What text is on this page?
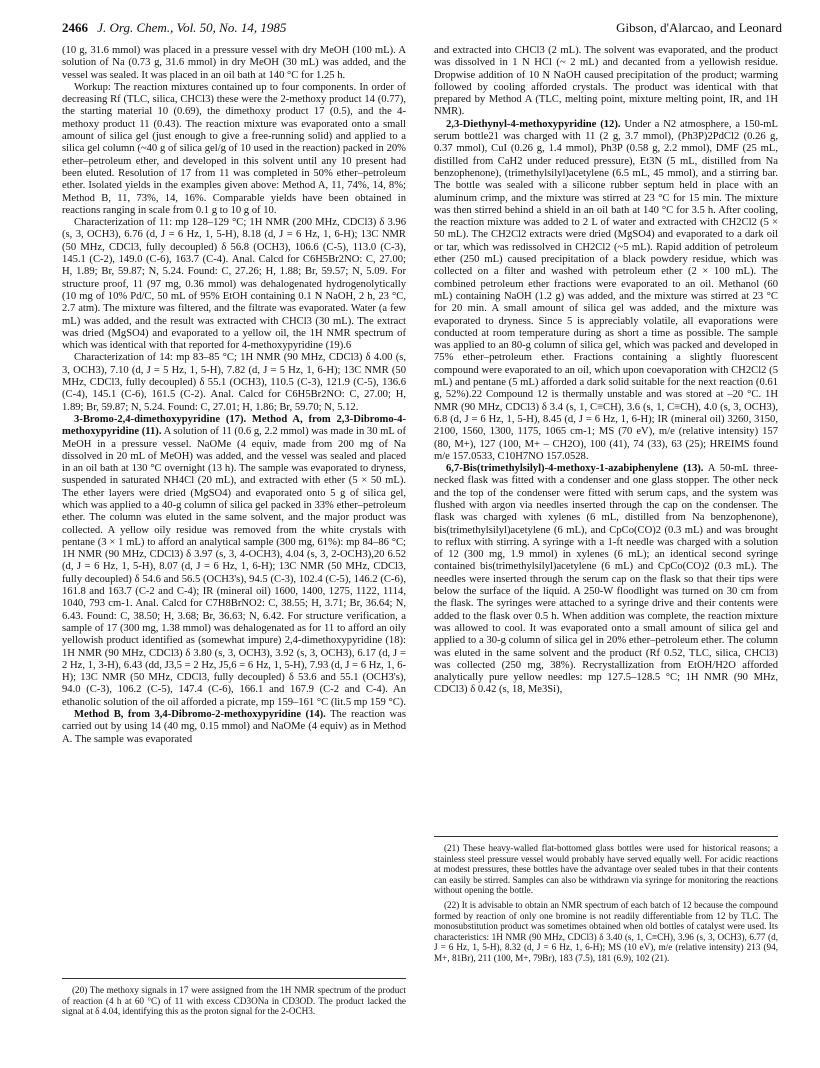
2466 J. Org. Chem., Vol. 50, No. 14, 1985	Gibson, d'Alarcao, and Leonard

(10 g, 31.6 mmol) was placed in a pressure vessel with dry MeOH (100 mL). A solution of Na (0.73 g, 31.6 mmol) in dry MeOH (30 mL) was added, and the vessel was sealed. It was placed in an oil bath at 140 °C for 1.25 h.

Workup: The reaction mixtures contained up to four components. In order of decreasing Rf (TLC, silica, CHCl3) these were the 2-methoxy product 14 (0.77), the starting material 10 (0.69), the dimethoxy product 17 (0.5), and the 4-methoxy product 11 (0.43). The reaction mixture was evaporated onto a small amount of silica gel (just enough to give a free-running solid) and applied to a silica gel column (~40 g of silica gel/g of 10 used in the reaction) packed in 20% ether–petroleum ether, and developed in this solvent until any 10 present had been eluted. Resolution of 17 from 11 was completed in 50% ether–petroleum ether. Isolated yields in the examples given above: Method A, 11, 74%, 14, 8%; Method B, 11, 73%, 14, 16%. Comparable yields have been obtained in reactions ranging in scale from 0.1 g to 10 g of 10.

Characterization of 11: mp 128–129 °C; 1H NMR (200 MHz, CDCl3) δ 3.96 (s, 3, OCH3), 6.76 (d, J = 6 Hz, 1, 5-H), 8.18 (d, J = 6 Hz, 1, 6-H); 13C NMR (50 MHz, CDCl3, fully decoupled) δ 56.8 (OCH3), 106.6 (C-5), 113.0 (C-3), 145.1 (C-2), 149.0 (C-6), 163.7 (C-4). Anal. Calcd for C6H5Br2NO: C, 27.00; H, 1.89; Br, 59.87; N, 5.24. Found: C, 27.26; H, 1.88; Br, 59.57; N, 5.09. For structure proof, 11 (97 mg, 0.36 mmol) was dehalogenated hydrogenolytically (10 mg of 10% Pd/C, 50 mL of 95% EtOH containing 0.1 N NaOH, 2 h, 23 °C, 2.7 atm). The mixture was filtered, and the filtrate was evaporated. Water (a few mL) was added, and the result was extracted with CHCl3 (30 mL). The extract was dried (MgSO4) and evaporated to a yellow oil, the 1H NMR spectrum of which was identical with that reported for 4-methoxypyridine (19).6

Characterization of 14: mp 83–85 °C; 1H NMR (90 MHz, CDCl3) δ 4.00 (s, 3, OCH3), 7.10 (d, J = 5 Hz, 1, 5-H), 7.82 (d, J = 5 Hz, 1, 6-H); 13C NMR (50 MHz, CDCl3, fully decoupled) δ 55.1 (OCH3), 110.5 (C-3), 121.9 (C-5), 136.6 (C-4), 145.1 (C-6), 161.5 (C-2). Anal. Calcd for C6H5Br2NO: C, 27.00; H, 1.89; Br, 59.87; N, 5.24. Found: C, 27.01; H, 1.86; Br, 59.70; N, 5.12.

3-Bromo-2,4-dimethoxypyridine (17). Method A, from 2,3-Dibromo-4-methoxypyridine (11). A solution of 11 (0.6 g, 2.2 mmol) was made in 30 mL of MeOH in a pressure vessel. NaOMe (4 equiv, made from 200 mg of Na dissolved in 20 mL of MeOH) was added, and the vessel was sealed and placed in an oil bath at 130 °C overnight (13 h). The sample was evaporated to dryness, suspended in saturated NH4Cl (20 mL), and extracted with ether (5 × 50 mL). The ether layers were dried (MgSO4) and evaporated onto 5 g of silica gel, which was applied to a 40-g column of silica gel packed in 33% ether–petroleum ether. The column was eluted in the same solvent, and the major product was collected. A yellow oily residue was removed from the white crystals with pentane (3 × 1 mL) to afford an analytical sample (300 mg, 61%): mp 84–86 °C; 1H NMR (90 MHz, CDCl3) δ 3.97 (s, 3, 4-OCH3), 4.04 (s, 3, 2-OCH3),20 6.52 (d, J = 6 Hz, 1, 5-H), 8.07 (d, J = 6 Hz, 1, 6-H); 13C NMR (50 MHz, CDCl3, fully decoupled) δ 54.6 and 56.5 (OCH3's), 94.5 (C-3), 102.4 (C-5), 146.2 (C-6), 161.8 and 163.7 (C-2 and C-4); IR (mineral oil) 1600, 1400, 1275, 1122, 1114, 1040, 793 cm-1. Anal. Calcd for C7H8BrNO2: C, 38.55; H, 3.71; Br, 36.64; N, 6.43. Found: C, 38.50; H, 3.68; Br, 36.63; N, 6.42. For structure verification, a sample of 17 (300 mg, 1.38 mmol) was dehalogenated as for 11 to afford an oily yellowish product identified as (somewhat impure) 2,4-dimethoxypyridine (18): 1H NMR (90 MHz, CDCl3) δ 3.80 (s, 3, OCH3), 3.92 (s, 3, OCH3), 6.17 (d, J = 2 Hz, 1, 3-H), 6.43 (dd, J3,5 = 2 Hz, J5,6 = 6 Hz, 1, 5-H), 7.93 (d, J = 6 Hz, 1, 6-H); 13C NMR (50 MHz, CDCl3, fully decoupled) δ 53.6 and 55.1 (OCH3's), 94.0 (C-3), 106.2 (C-5), 147.4 (C-6), 166.1 and 167.9 (C-2 and C-4). An ethanolic solution of the oil afforded a picrate, mp 159–161 °C (lit.5 mp 159 °C).

Method B, from 3,4-Dibromo-2-methoxypyridine (14). The reaction was carried out by using 14 (40 mg, 0.15 mmol) and NaOMe (4 equiv) as in Method A. The sample was evaporated

and extracted into CHCl3 (2 mL). The solvent was evaporated, and the product was dissolved in 1 N HCl (~ 2 mL) and decanted from a yellowish residue. Dropwise addition of 10 N NaOH caused precipitation of the product; warming followed by cooling afforded crystals. The product was identical with that prepared by Method A (TLC, melting point, mixture melting point, IR, and 1H NMR).

2,3-Diethynyl-4-methoxypyridine (12). Under a N2 atmosphere, a 150-mL serum bottle21 was charged with 11 (2 g, 3.7 mmol), (Ph3P)2PdCl2 (0.26 g, 0.37 mmol), CuI (0.26 g, 1.4 mmol), Ph3P (0.58 g, 2.2 mmol), DMF (25 mL, distilled from CaH2 under reduced pressure), Et3N (5 mL, distilled from Na benzophenone), (trimethylsilyl)acetylene (6.5 mL, 45 mmol), and a stirring bar. The bottle was sealed with a silicone rubber septum held in place with an aluminum crimp, and the mixture was stirred at 23 °C for 15 min. The mixture was then stirred behind a shield in an oil bath at 140 °C for 3.5 h. After cooling, the reaction mixture was added to 2 L of water and extracted with CH2Cl2 (5 × 50 mL). The CH2Cl2 extracts were dried (MgSO4) and evaporated to a dark oil or tar, which was redissolved in CH2Cl2 (~5 mL). Rapid addition of petroleum ether (250 mL) caused precipitation of a black powdery residue, which was collected on a filter and washed with petroleum ether (2 × 100 mL). The combined petroleum ether fractions were evaporated to an oil. Methanol (60 mL) containing NaOH (1.2 g) was added, and the mixture was stirred at 23 °C for 20 min. A small amount of silica gel was added, and the mixture was evaporated to dryness. Since 5 is appreciably volatile, all evaporations were conducted at room temperature during as short a time as possible. The sample was applied to an 80-g column of silica gel, which was packed and developed in 75% ether–petroleum ether. Fractions containing a slightly fluorescent compound were evaporated to an oil, which upon coevaporation with CH2Cl2 (5 mL) and pentane (5 mL) afforded a dark solid suitable for the next reaction (0.61 g, 52%).22 Compound 12 is thermally unstable and was stored at –20 °C. 1H NMR (90 MHz, CDCl3) δ 3.4 (s, 1, C≡CH), 3.6 (s, 1, C≡CH), 4.0 (s, 3, OCH3), 6.8 (d, J = 6 Hz, 1, 5-H), 8.45 (d, J = 6 Hz, 1, 6-H); IR (mineral oil) 3260, 3150, 2100, 1560, 1300, 1175, 1065 cm-1; MS (70 eV), m/e (relative intensity) 157 (80, M+), 127 (100, M+ – CH2O), 100 (41), 74 (33), 63 (25); HREIMS found m/e 157.0533, C10H7NO 157.0528.

6,7-Bis(trimethylsilyl)-4-methoxy-1-azabiphenylene (13). A 50-mL three-necked flask was fitted with a condenser and one glass stopper. The other neck and the top of the condenser were fitted with serum caps, and the system was flushed with argon via needles inserted through the cap on the condenser. The flask was charged with xylenes (6 mL, distilled from Na benzophenone), bis(trimethylsilyl)acetylene (6 mL), and CpCo(CO)2 (0.3 mL) and was brought to reflux with stirring. A syringe with a 1-ft needle was charged with a solution of 12 (300 mg, 1.9 mmol) in xylenes (6 mL); an identical second syringe contained bis(trimethylsilyl)acetylene (6 mL) and CpCo(CO)2 (0.3 mL). The needles were inserted through the serum cap on the flask so that their tips were below the surface of the liquid. A 250-W floodlight was turned on 30 cm from the flask. The syringes were attached to a syringe drive and their contents were added to the flask over 0.5 h. When addition was complete, the reaction mixture was allowed to cool. It was evaporated onto a small amount of silica gel and applied to a 30-g column of silica gel in 20% ether–petroleum ether. The column was eluted in the same solvent and the product (Rf 0.52, TLC, silica, CHCl3) was collected (250 mg, 38%). Recrystallization from EtOH/H2O afforded analytically pure yellow needles: mp 127.5–128.5 °C; 1H NMR (90 MHz, CDCl3) δ 0.42 (s, 18, Me3Si),

(20) The methoxy signals in 17 were assigned from the 1H NMR spectrum of the product of reaction (4 h at 60 °C) of 11 with excess CD3ONa in CD3OD. The product lacked the signal at δ 4.04, identifying this as the proton signal for the 2-OCH3.

(21) These heavy-walled flat-bottomed glass bottles were used for historical reasons; a stainless steel pressure vessel would probably have served equally well. For acidic reactions at modest pressures, these bottles have the advantage over sealed tubes in that their contents can easily be stirred. Samples can also be withdrawn via syringe for monitoring the reactions without opening the bottle.

(22) It is advisable to obtain an NMR spectrum of each batch of 12 because the compound formed by reaction of only one bromine is not readily differentiable from 12 by TLC. The monosubstitution product was sometimes obtained when old bottles of catalyst were used. Its characteristics: 1H NMR (90 MHz, CDCl3) δ 3.40 (s, 1, C≡CH), 3.96 (s, 3, OCH3), 6.77 (d, J = 6 Hz, 1, 5-H), 8.32 (d, J = 6 Hz, 1, 6-H); MS (10 eV), m/e (relative intensity) 213 (94, M+, 81Br), 211 (100, M+, 79Br), 183 (7.5), 181 (6.9), 102 (21).
